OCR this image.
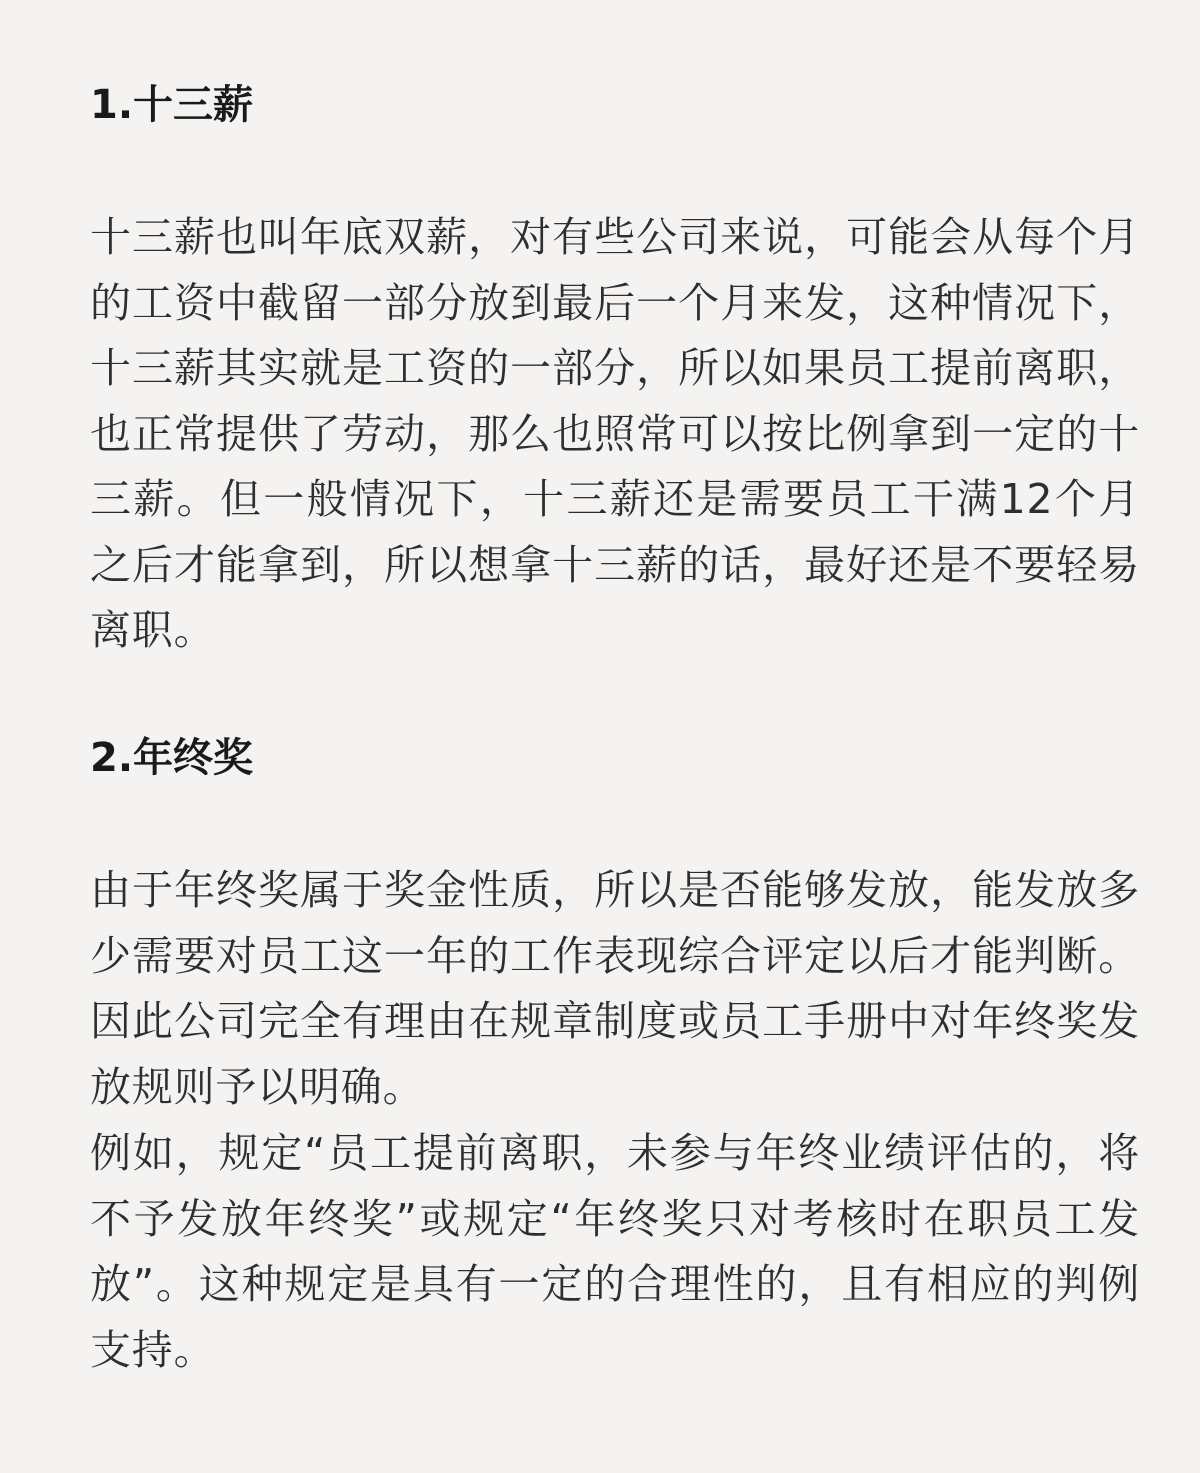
1.十三薪

十三薪也叫年底双薪，对有些公司来说，可能会从每个月的工资中截留一部分放到最后一个月来发，这种情况下，十三薪其实就是工资的一部分，所以如果员工提前离职，也正常提供了劳动，那么也照常可以按比例拿到一定的十三薪。但一般情况下，十三薪还是需要员工干满12个月之后才能拿到，所以想拿十三薪的话，最好还是不要轻易离职。

2.年终奖

由于年终奖属于奖金性质，所以是否能够发放，能发放多少需要对员工这一年的工作表现综合评定以后才能判断。因此公司完全有理由在规章制度或员工手册中对年终奖发放规则予以明确。

例如，规定“员工提前离职，未参与年终业绩评估的，将不予发放年终奖”或规定“年终奖只对考核时在职员工发放”。这种规定是具有一定的合理性的，且有相应的判例支持。
